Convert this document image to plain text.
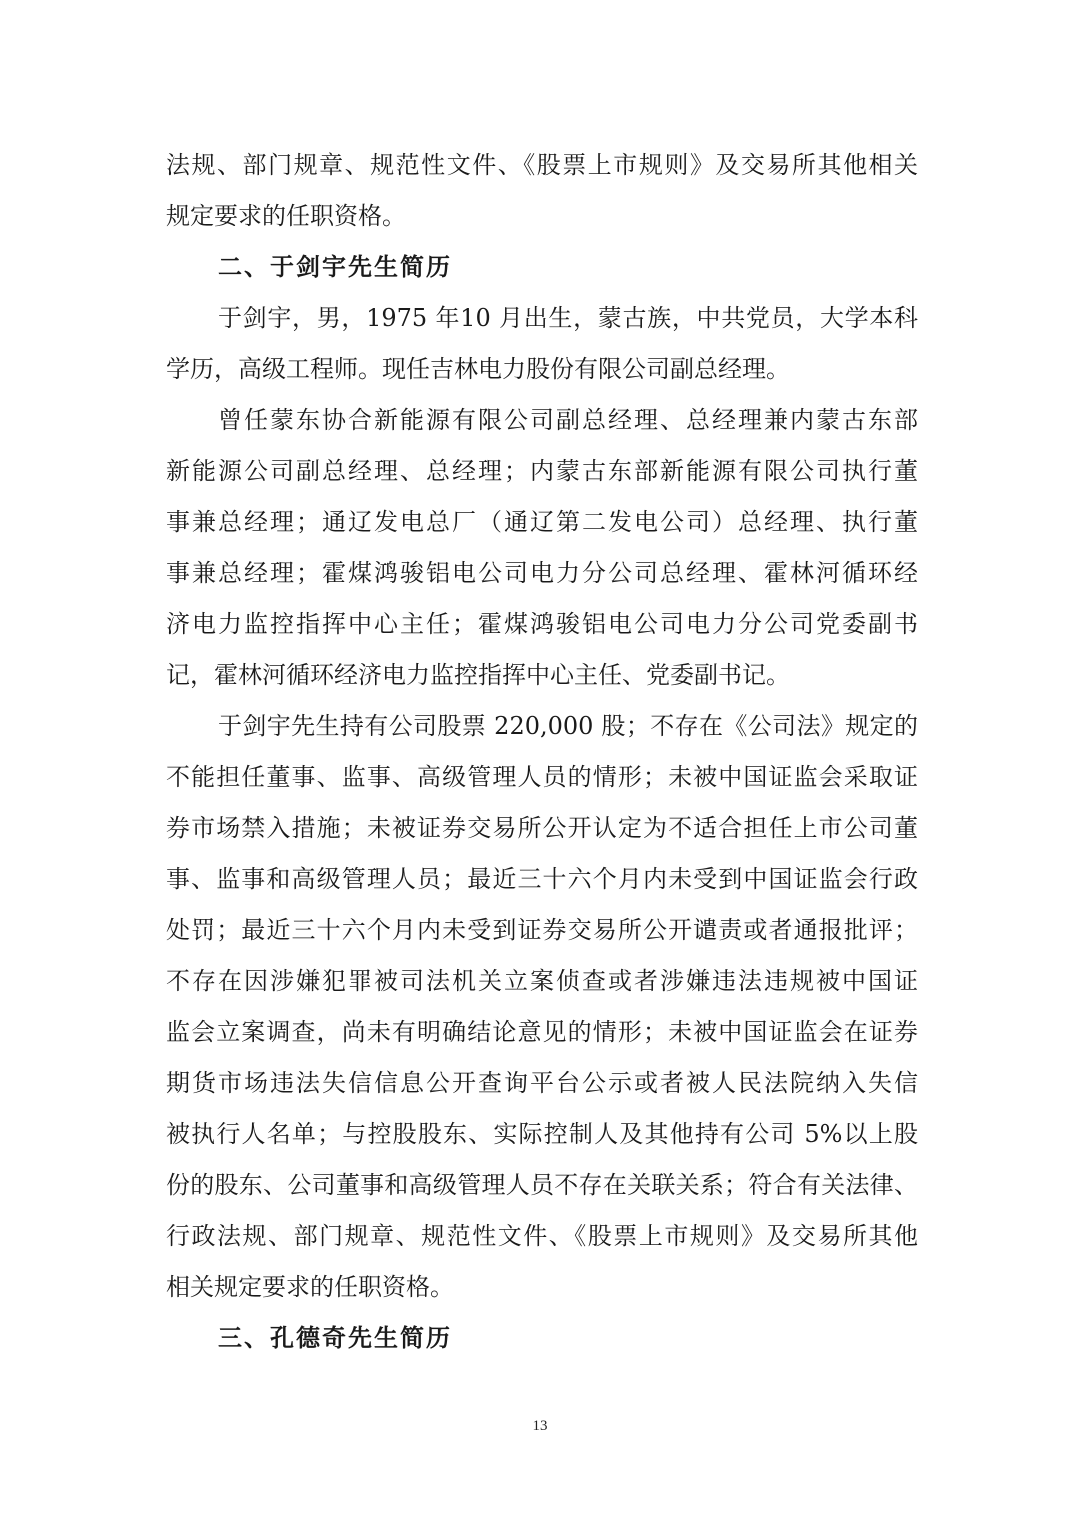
法规、部门规章、规范性文件、《股票上市规则》及交易所其他相关
规定要求的任职资格。
二、于剑宇先生简历
于剑宇，男，1975 年10 月出生，蒙古族，中共党员，大学本科
学历，高级工程师。现任吉林电力股份有限公司副总经理。
曾任蒙东协合新能源有限公司副总经理、总经理兼内蒙古东部
新能源公司副总经理、总经理；内蒙古东部新能源有限公司执行董
事兼总经理；通辽发电总厂（通辽第二发电公司）总经理、执行董
事兼总经理；霍煤鸿骏铝电公司电力分公司总经理、霍林河循环经
济电力监控指挥中心主任；霍煤鸿骏铝电公司电力分公司党委副书
记，霍林河循环经济电力监控指挥中心主任、党委副书记。
于剑宇先生持有公司股票 220,000 股；不存在《公司法》规定的
不能担任董事、监事、高级管理人员的情形；未被中国证监会采取证
券市场禁入措施；未被证券交易所公开认定为不适合担任上市公司董
事、监事和高级管理人员；最近三十六个月内未受到中国证监会行政
处罚；最近三十六个月内未受到证券交易所公开谴责或者通报批评；
不存在因涉嫌犯罪被司法机关立案侦查或者涉嫌违法违规被中国证
监会立案调查，尚未有明确结论意见的情形；未被中国证监会在证券
期货市场违法失信信息公开查询平台公示或者被人民法院纳入失信
被执行人名单；与控股股东、实际控制人及其他持有公司 5%以上股
份的股东、公司董事和高级管理人员不存在关联关系；符合有关法律、
行政法规、部门规章、规范性文件、《股票上市规则》及交易所其他
相关规定要求的任职资格。
三、孔德奇先生简历
13
